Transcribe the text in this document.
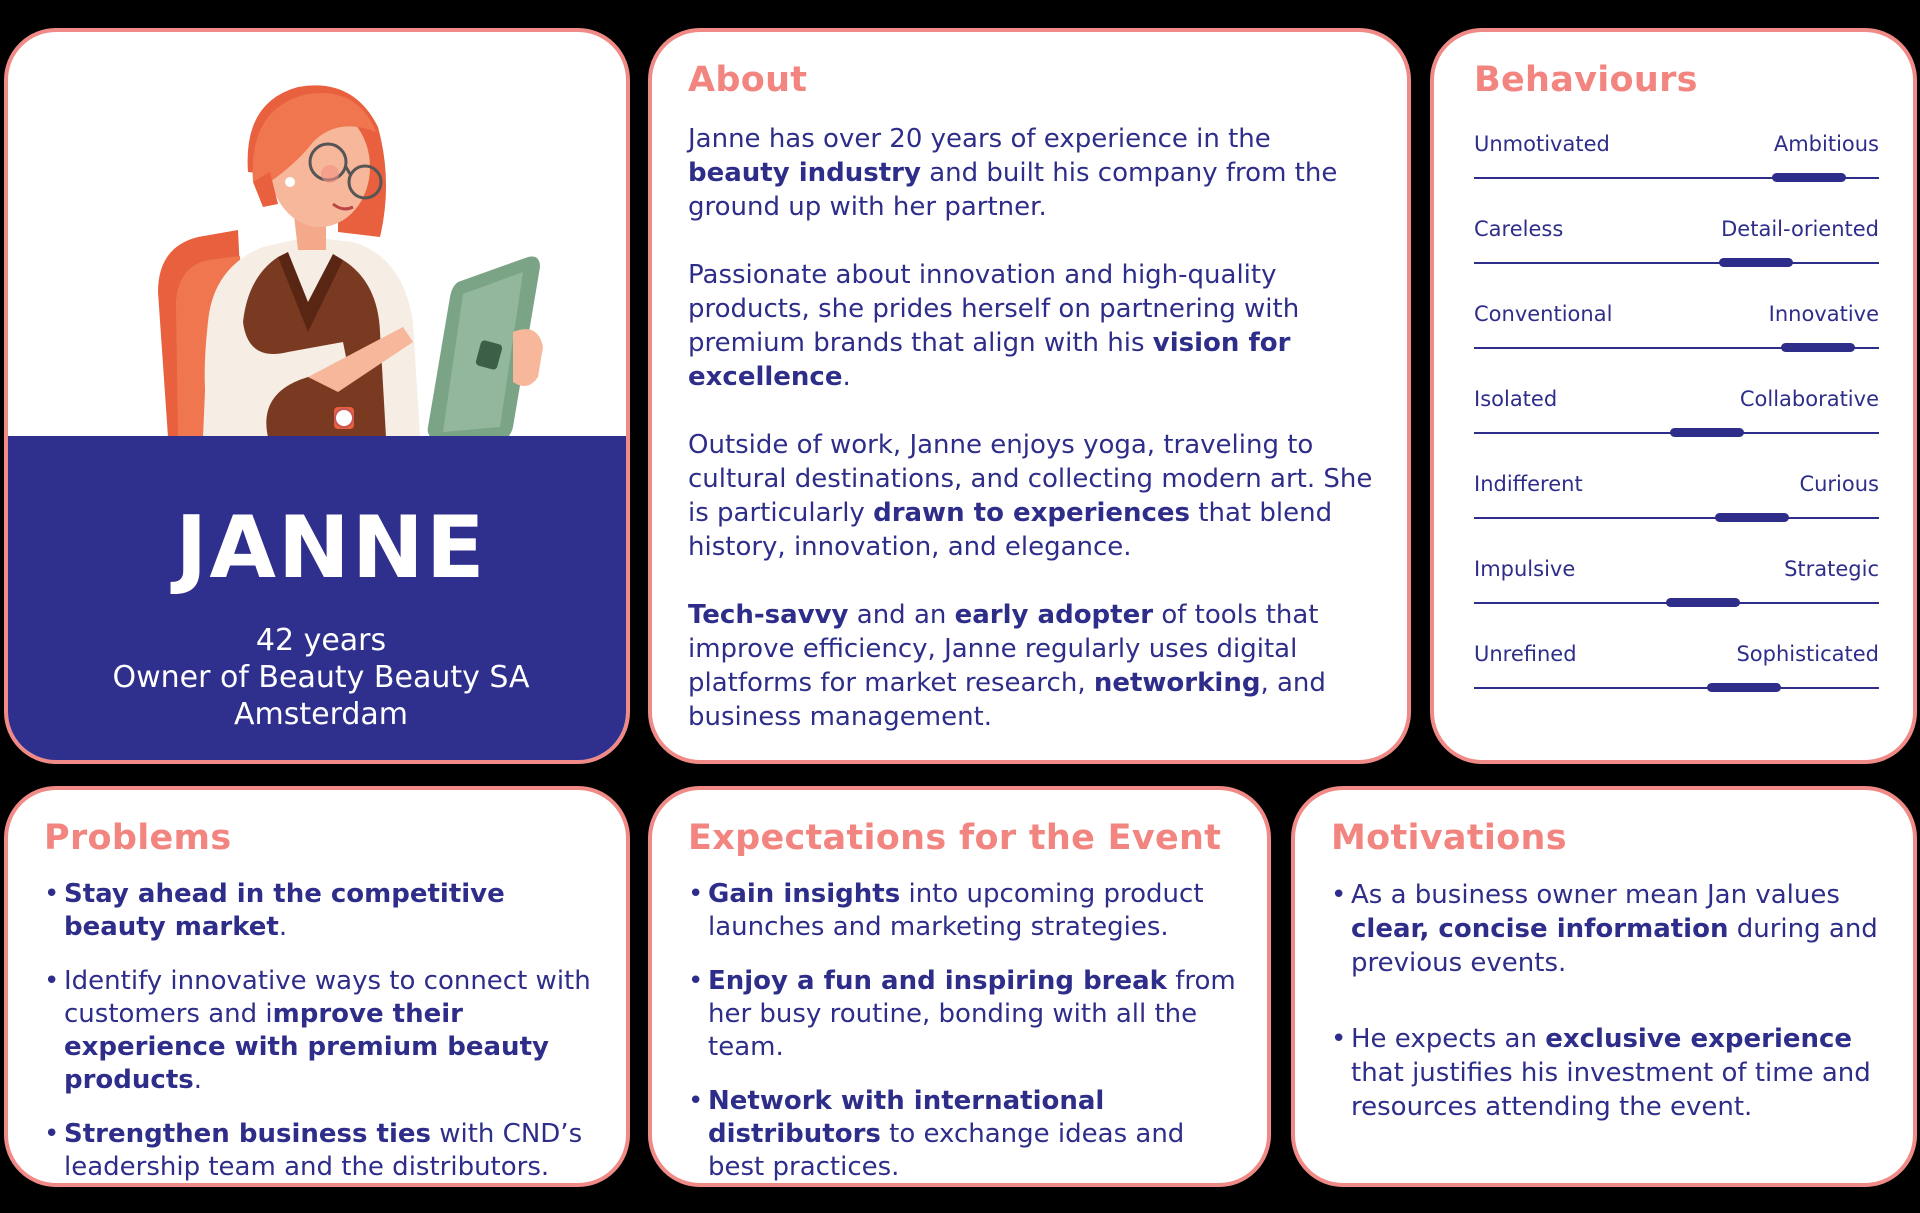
JANNE
42 years
Owner of Beauty Beauty SA
Amsterdam
About

Janne has over 20 years of experience in the beauty industry and built his company from the ground up with her partner.

Passionate about innovation and high-quality products, she prides herself on partnering with premium brands that align with his vision for excellence.

Outside of work, Janne enjoys yoga, traveling to cultural destinations, and collecting modern art. She is particularly drawn to experiences that blend history, innovation, and elegance.

Tech-savvy and an early adopter of tools that improve efficiency, Janne regularly uses digital platforms for market research, networking, and business management.

Behaviours
Unmotivated	Ambitious
Careless	Detail-oriented
Conventional	Innovative
Isolated	Collaborative
Indifferent	Curious
Impulsive	Strategic
Unrefined	Sophisticated
Problems
• Stay ahead in the competitive beauty market.
• Identify innovative ways to connect with customers and improve their experience with premium beauty products.
• Strengthen business ties with CND’s leadership team and the distributors.
Expectations for the Event
• Gain insights into upcoming product launches and marketing strategies.
• Enjoy a fun and inspiring break from her busy routine, bonding with all the team.
• Network with international distributors to exchange ideas and best practices.
Motivations
• As a business owner mean Jan values clear, concise information during and previous events.
• He expects an exclusive experience that justifies his investment of time and resources attending the event.
